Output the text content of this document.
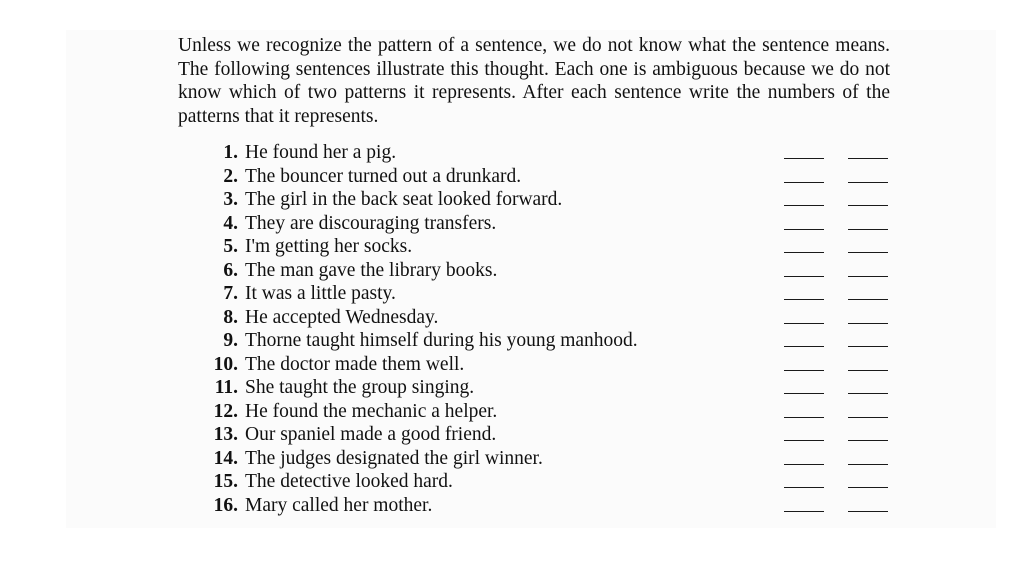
Unless we recognize the pattern of a sentence, we do not know what the sentence means. The following sentences illustrate this thought. Each one is ambiguous because we do not know which of two patterns it represents. After each sentence write the numbers of the patterns that it represents.

1. He found her a pig.
2. The bouncer turned out a drunkard.
3. The girl in the back seat looked forward.
4. They are discouraging transfers.
5. I'm getting her socks.
6. The man gave the library books.
7. It was a little pasty.
8. He accepted Wednesday.
9. Thorne taught himself during his young manhood.
10. The doctor made them well.
11. She taught the group singing.
12. He found the mechanic a helper.
13. Our spaniel made a good friend.
14. The judges designated the girl winner.
15. The detective looked hard.
16. Mary called her mother.
